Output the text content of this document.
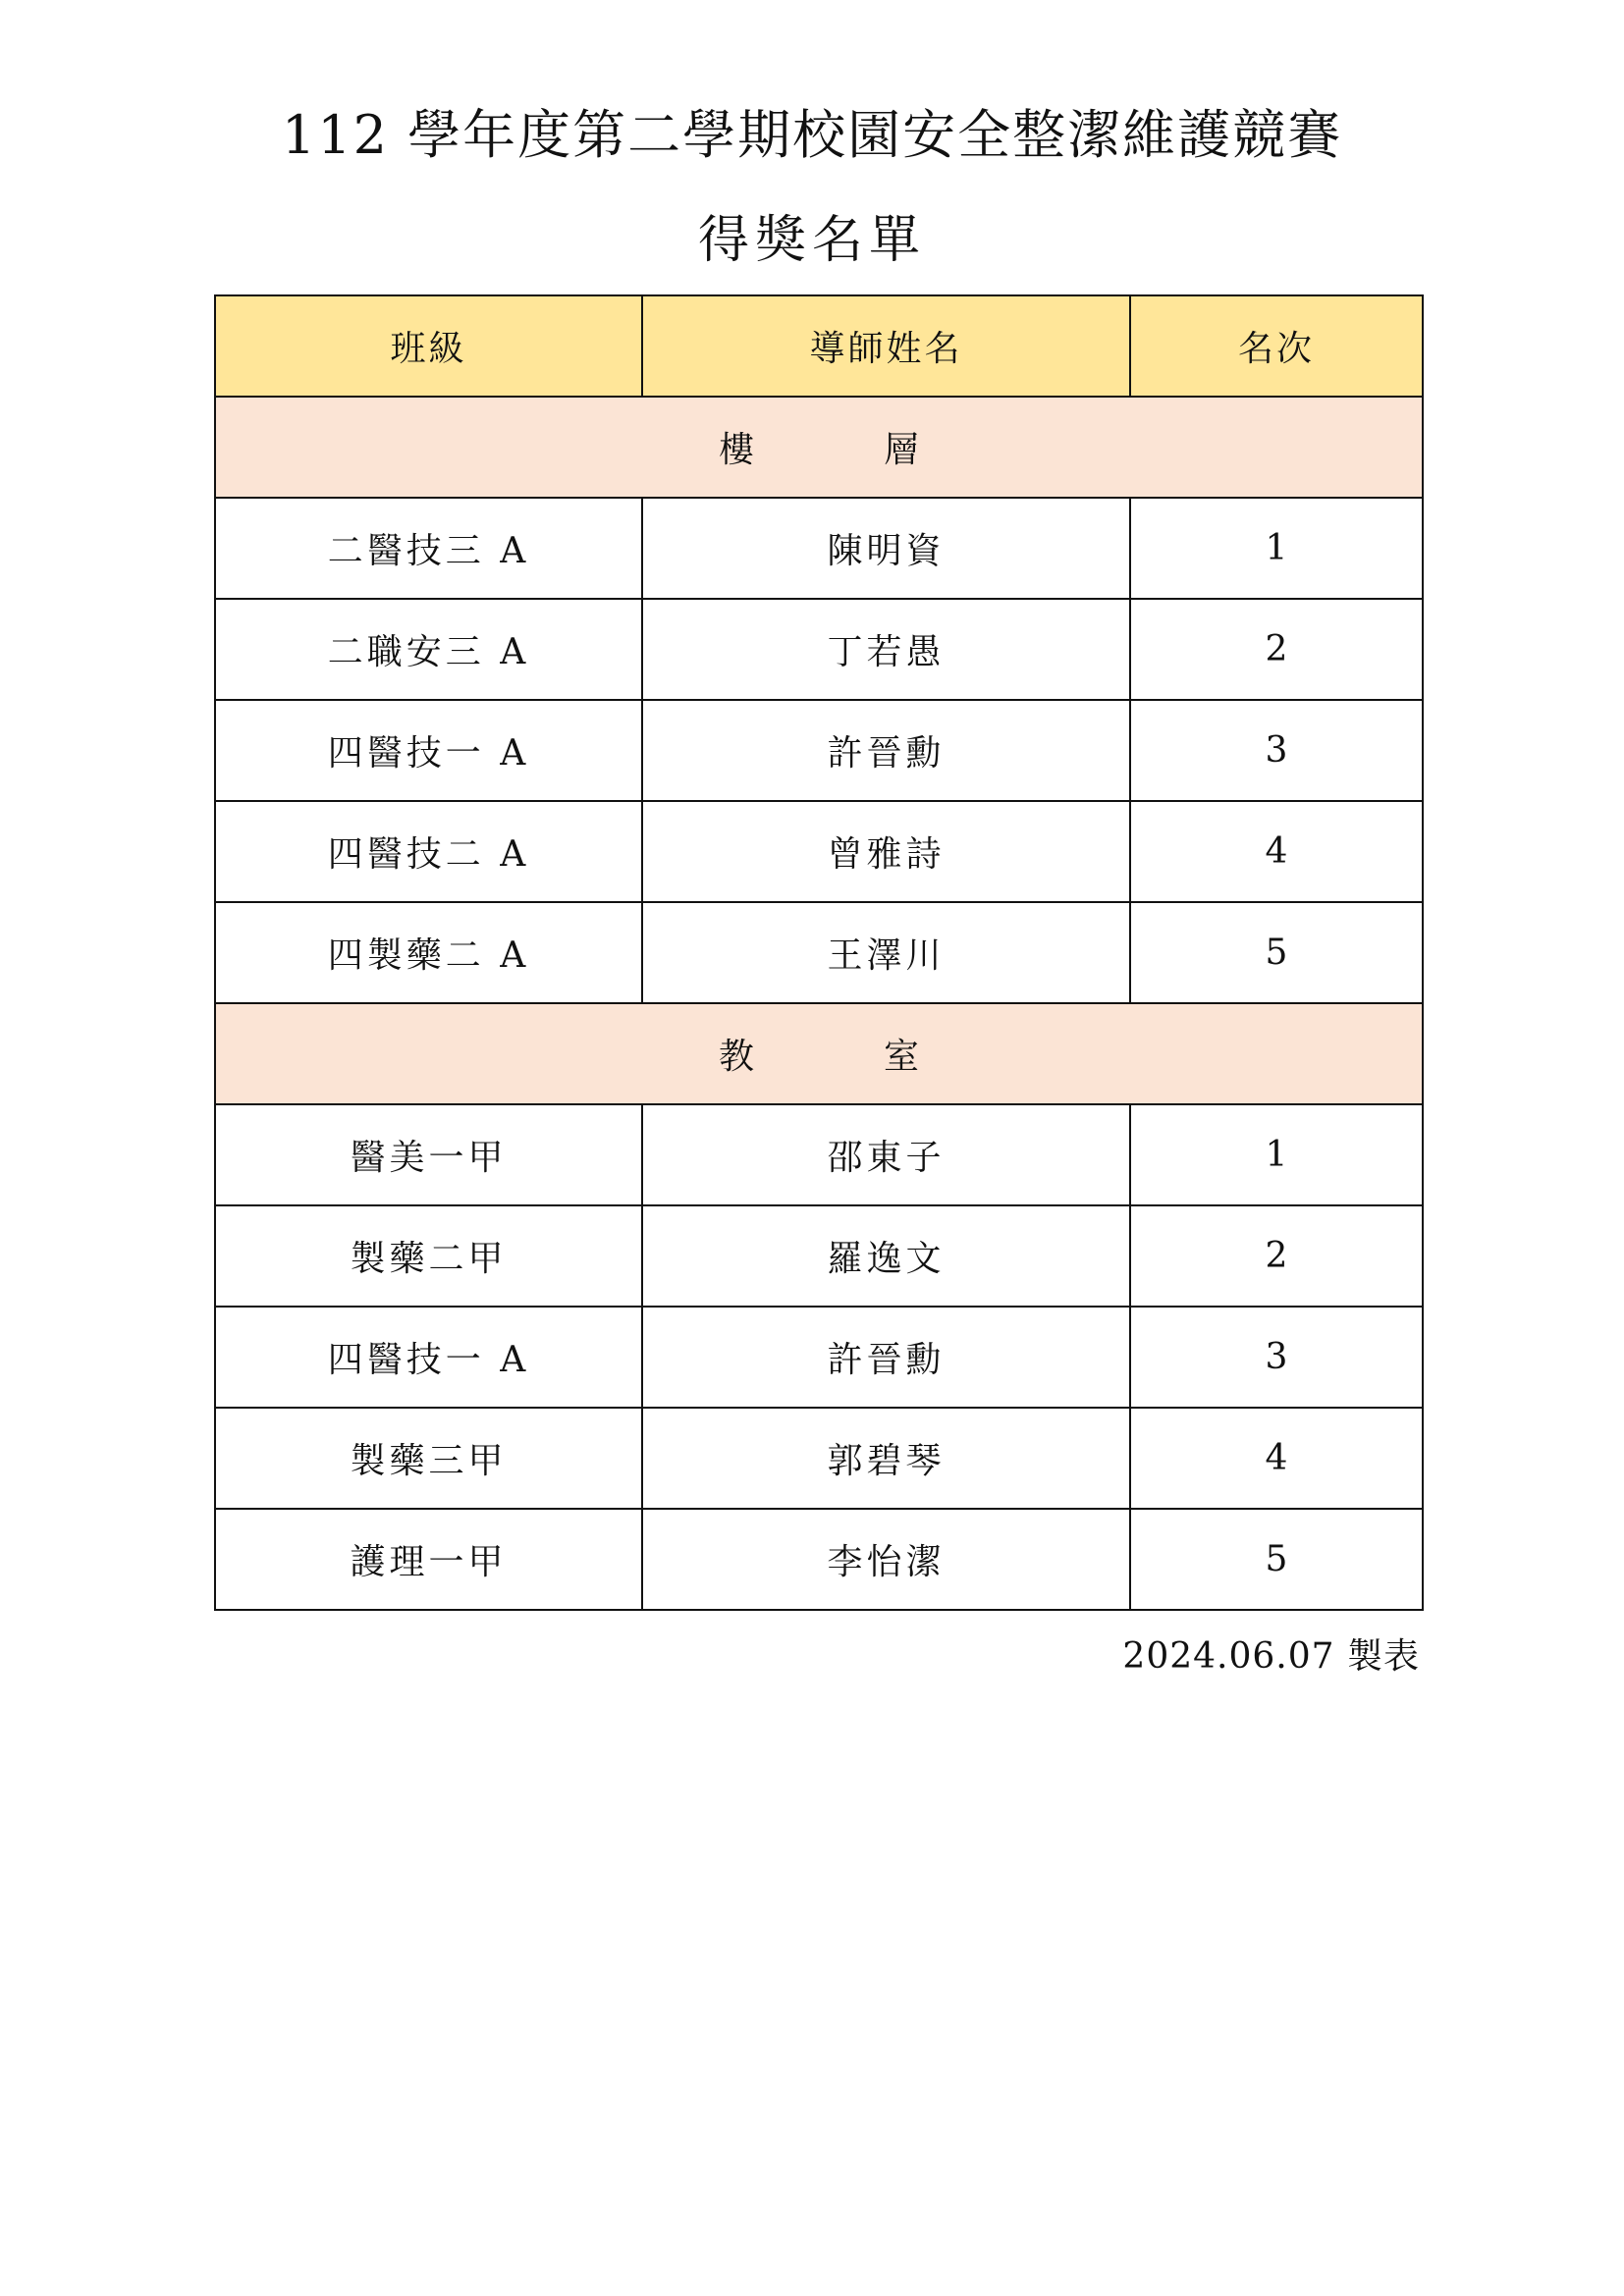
112 學年度第二學期校園安全整潔維護競賽
得獎名單
班級	導師姓名	名次
樓　層		
二醫技三 A	陳明資	1
二職安三 A	丁若愚	2
四醫技一 A	許晉勳	3
四醫技二 A	曾雅詩	4
四製藥二 A	王澤川	5
教　室		
醫美一甲	邵東子	1
製藥二甲	羅逸文	2
四醫技一 A	許晉勳	3
製藥三甲	郭碧琴	4
護理一甲	李怡潔	5
2024.06.07 製表
